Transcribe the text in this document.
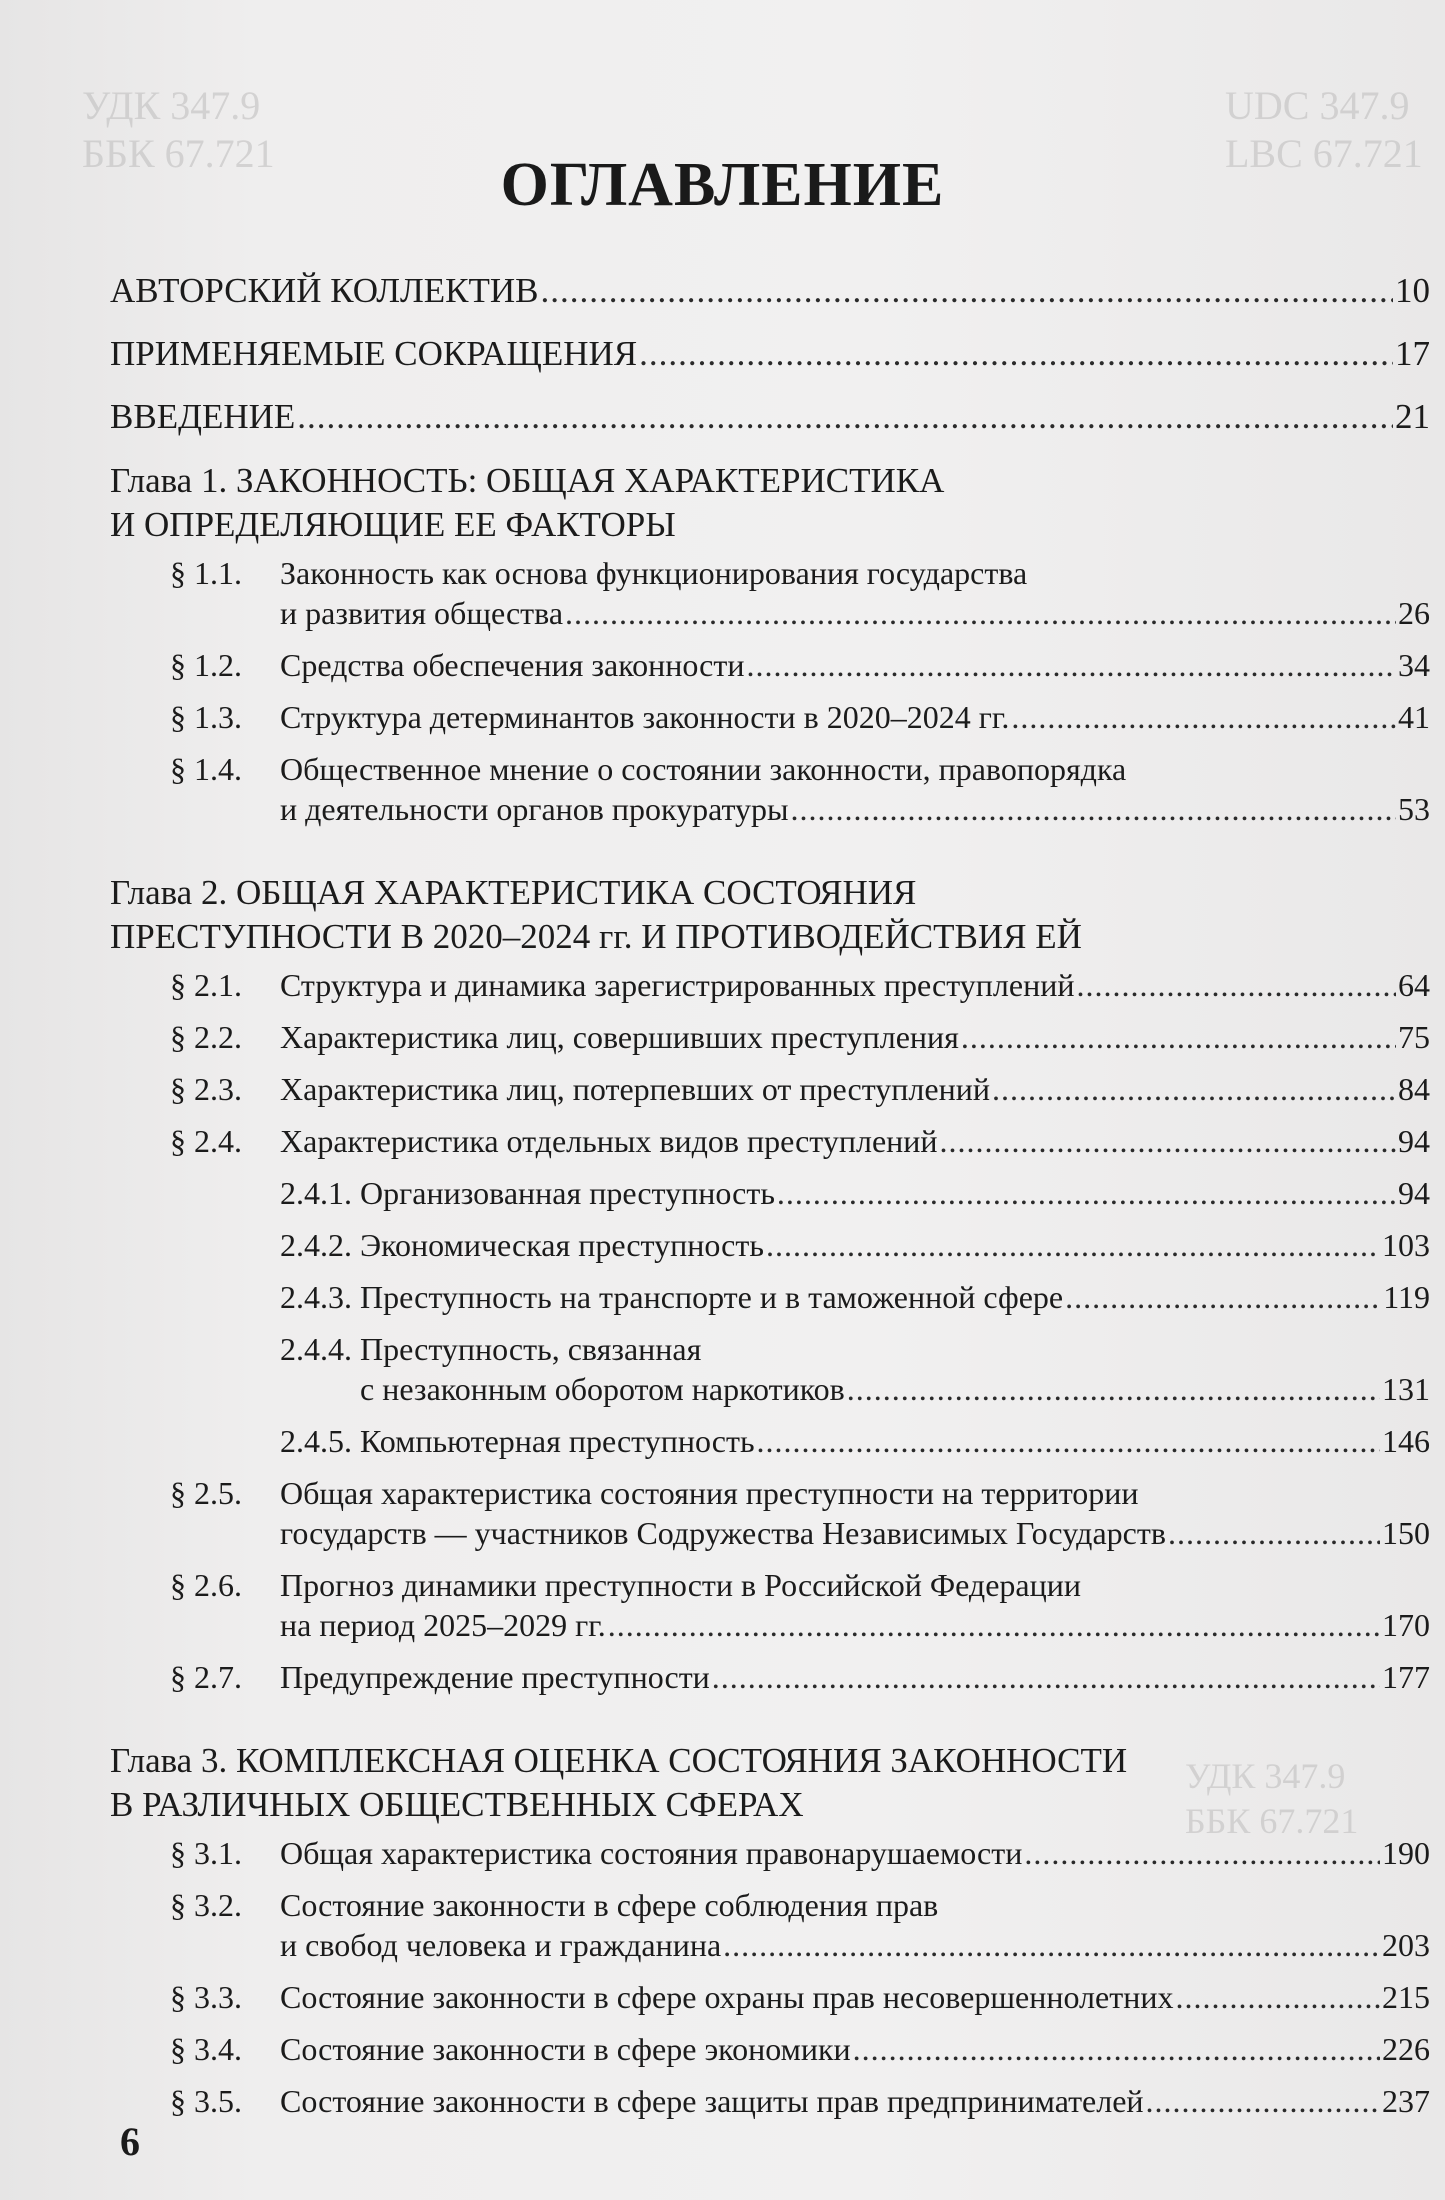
УДК 347.9
ББК 67.721
UDC 347.9
LBC 67.721
УДК 347.9
ББК 67.721
ОГЛАВЛЕНИЕ
АВТОРСКИЙ КОЛЛЕКТИВ .....	10
ПРИМЕНЯЕМЫЕ СОКРАЩЕНИЯ .....	17
ВВЕДЕНИЕ .....	21
Глава 1. ЗАКОННОСТЬ: ОБЩАЯ ХАРАКТЕРИСТИКА
И ОПРЕДЕЛЯЮЩИЕ ЕЕ ФАКТОРЫ
§ 1.1. Законность как основа функционирования государства
и развития общества .....	26
§ 1.2. Средства обеспечения законности .....	34
§ 1.3. Структура детерминантов законности в 2020–2024 гг. .....	41
§ 1.4. Общественное мнение о состоянии законности, правопорядка
и деятельности органов прокуратуры .....	53
Глава 2. ОБЩАЯ ХАРАКТЕРИСТИКА СОСТОЯНИЯ
ПРЕСТУПНОСТИ В 2020–2024 гг. И ПРОТИВОДЕЙСТВИЯ ЕЙ
§ 2.1. Структура и динамика зарегистрированных преступлений .....	64
§ 2.2. Характеристика лиц, совершивших преступления .....	75
§ 2.3. Характеристика лиц, потерпевших от преступлений .....	84
§ 2.4. Характеристика отдельных видов преступлений .....	94
2.4.1. Организованная преступность .....	94
2.4.2. Экономическая преступность .....	103
2.4.3. Преступность на транспорте и в таможенной сфере .....	119
2.4.4. Преступность, связанная
с незаконным оборотом наркотиков .....	131
2.4.5. Компьютерная преступность .....	146
§ 2.5. Общая характеристика состояния преступности на территории
государств — участников Содружества Независимых Государств .....	150
§ 2.6. Прогноз динамики преступности в Российской Федерации
на период 2025–2029 гг. .....	170
§ 2.7. Предупреждение преступности .....	177
Глава 3. КОМПЛЕКСНАЯ ОЦЕНКА СОСТОЯНИЯ ЗАКОННОСТИ
В РАЗЛИЧНЫХ ОБЩЕСТВЕННЫХ СФЕРАХ
§ 3.1. Общая характеристика состояния правонарушаемости .....	190
§ 3.2. Состояние законности в сфере соблюдения прав
и свобод человека и гражданина .....	203
§ 3.3. Состояние законности в сфере охраны прав несовершеннолетних .....	215
§ 3.4. Состояние законности в сфере экономики .....	226
§ 3.5. Состояние законности в сфере защиты прав предпринимателей .....	237
6
